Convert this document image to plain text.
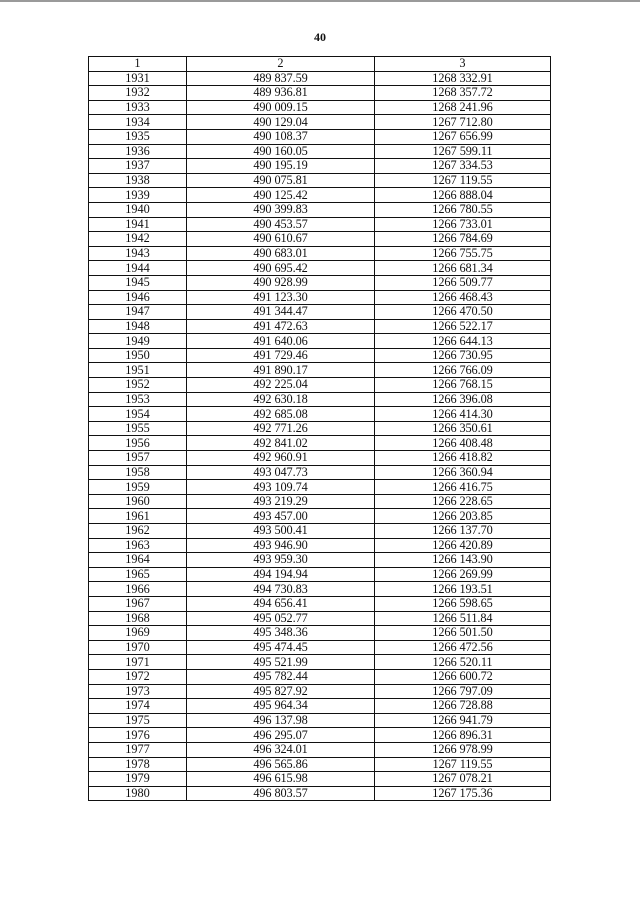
40
1	2	3
1931	489 837.59	1268 332.91
1932	489 936.81	1268 357.72
1933	490 009.15	1268 241.96
1934	490 129.04	1267 712.80
1935	490 108.37	1267 656.99
1936	490 160.05	1267 599.11
1937	490 195.19	1267 334.53
1938	490 075.81	1267 119.55
1939	490 125.42	1266 888.04
1940	490 399.83	1266 780.55
1941	490 453.57	1266 733.01
1942	490 610.67	1266 784.69
1943	490 683.01	1266 755.75
1944	490 695.42	1266 681.34
1945	490 928.99	1266 509.77
1946	491 123.30	1266 468.43
1947	491 344.47	1266 470.50
1948	491 472.63	1266 522.17
1949	491 640.06	1266 644.13
1950	491 729.46	1266 730.95
1951	491 890.17	1266 766.09
1952	492 225.04	1266 768.15
1953	492 630.18	1266 396.08
1954	492 685.08	1266 414.30
1955	492 771.26	1266 350.61
1956	492 841.02	1266 408.48
1957	492 960.91	1266 418.82
1958	493 047.73	1266 360.94
1959	493 109.74	1266 416.75
1960	493 219.29	1266 228.65
1961	493 457.00	1266 203.85
1962	493 500.41	1266 137.70
1963	493 946.90	1266 420.89
1964	493 959.30	1266 143.90
1965	494 194.94	1266 269.99
1966	494 730.83	1266 193.51
1967	494 656.41	1266 598.65
1968	495 052.77	1266 511.84
1969	495 348.36	1266 501.50
1970	495 474.45	1266 472.56
1971	495 521.99	1266 520.11
1972	495 782.44	1266 600.72
1973	495 827.92	1266 797.09
1974	495 964.34	1266 728.88
1975	496 137.98	1266 941.79
1976	496 295.07	1266 896.31
1977	496 324.01	1266 978.99
1978	496 565.86	1267 119.55
1979	496 615.98	1267 078.21
1980	496 803.57	1267 175.36
